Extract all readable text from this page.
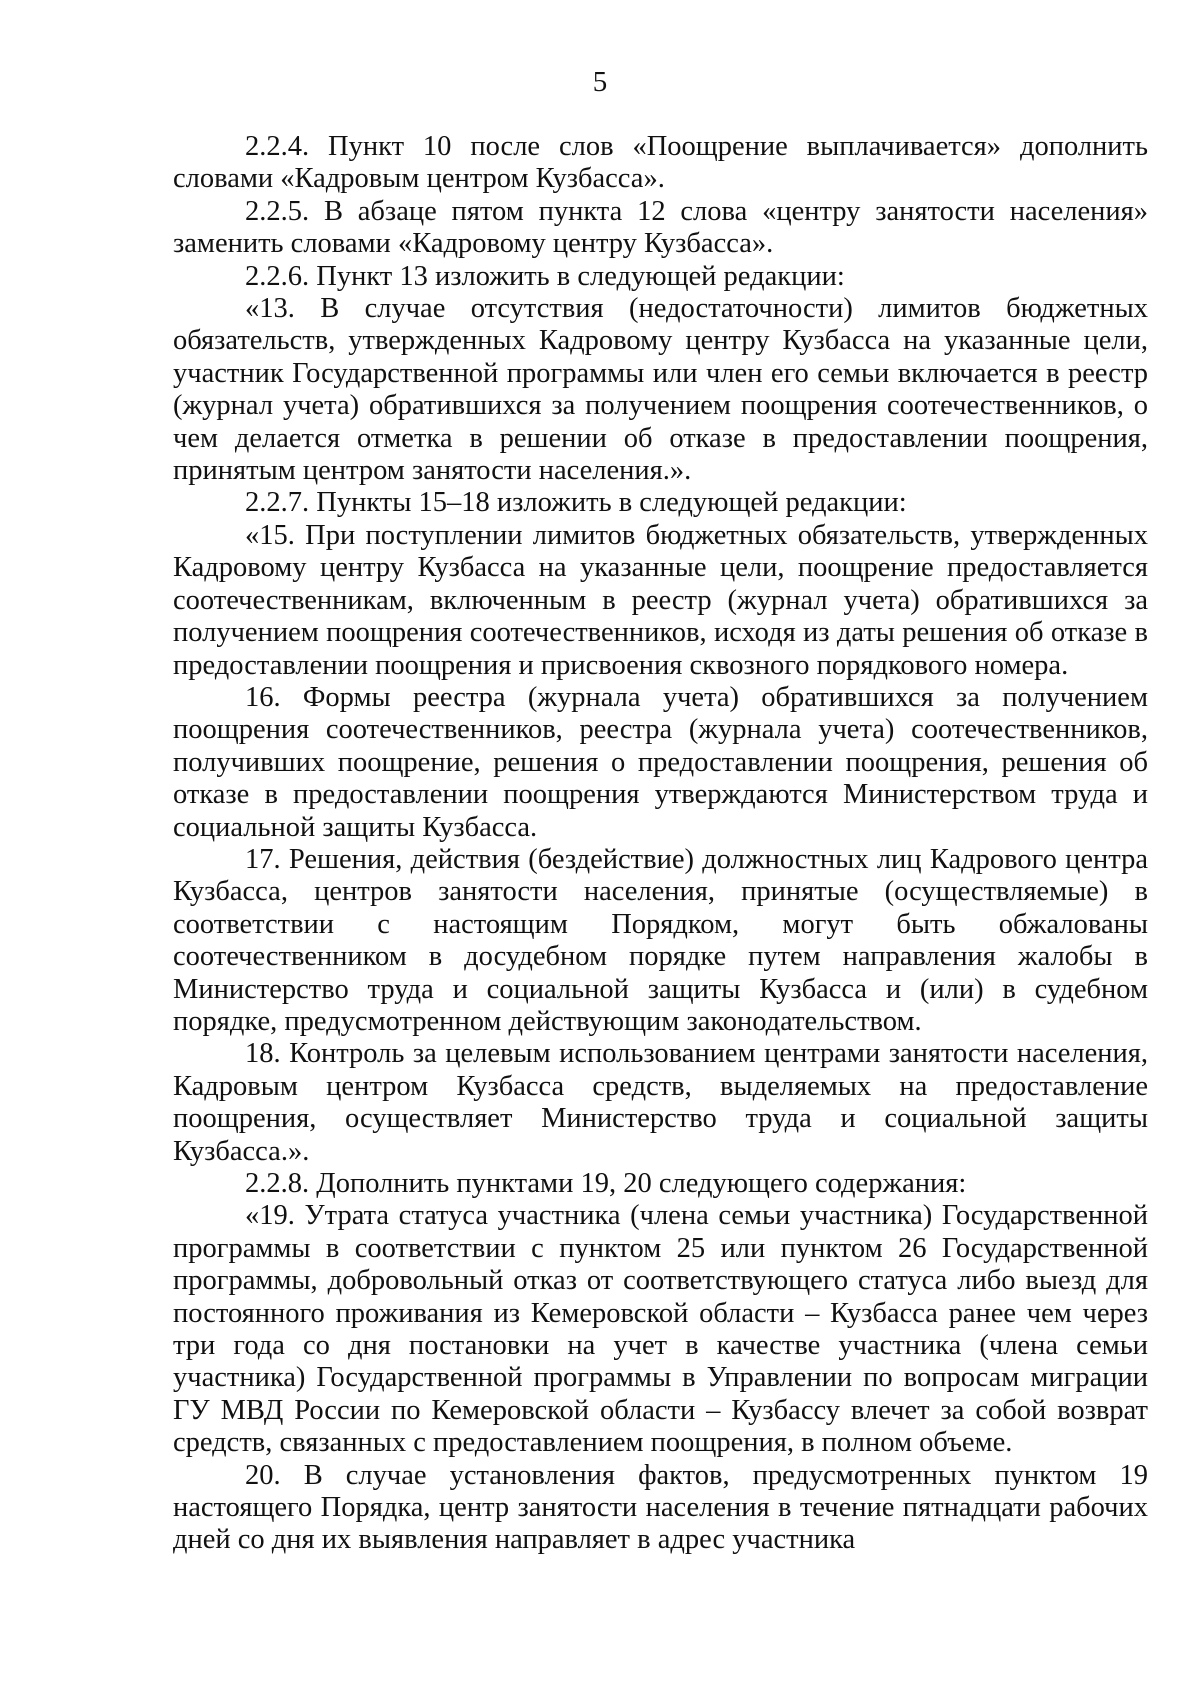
5

2.2.4. Пункт 10 после слов «Поощрение выплачивается» дополнить словами «Кадровым центром Кузбасса».

2.2.5. В абзаце пятом пункта 12 слова «центру занятости населения» заменить словами «Кадровому центру Кузбасса».

2.2.6. Пункт 13 изложить в следующей редакции:

«13. В случае отсутствия (недостаточности) лимитов бюджетных обязательств, утвержденных Кадровому центру Кузбасса на указанные цели, участник Государственной программы или член его семьи включается в реестр (журнал учета) обратившихся за получением поощрения соотечественников, о чем делается отметка в решении об отказе в предоставлении поощрения, принятым центром занятости населения.».

2.2.7. Пункты 15–18 изложить в следующей редакции:

«15. При поступлении лимитов бюджетных обязательств, утвержденных Кадровому центру Кузбасса на указанные цели, поощрение предоставляется соотечественникам, включенным в реестр (журнал учета) обратившихся за получением поощрения соотечественников, исходя из даты решения об отказе в предоставлении поощрения и присвоения сквозного порядкового номера.

16. Формы реестра (журнала учета) обратившихся за получением поощрения соотечественников, реестра (журнала учета) соотечественников, получивших поощрение, решения о предоставлении поощрения, решения об отказе в предоставлении поощрения утверждаются Министерством труда и социальной защиты Кузбасса.

17. Решения, действия (бездействие) должностных лиц Кадрового центра Кузбасса, центров занятости населения, принятые (осуществляемые) в соответствии с настоящим Порядком, могут быть обжалованы соотечественником в досудебном порядке путем направления жалобы в Министерство труда и социальной защиты Кузбасса и (или) в судебном порядке, предусмотренном действующим законодательством.

18. Контроль за целевым использованием центрами занятости населения, Кадровым центром Кузбасса средств, выделяемых на предоставление поощрения, осуществляет Министерство труда и социальной защиты Кузбасса.».

2.2.8. Дополнить пунктами 19, 20 следующего содержания:

«19. Утрата статуса участника (члена семьи участника) Государственной программы в соответствии с пунктом 25 или пунктом 26 Государственной программы, добровольный отказ от соответствующего статуса либо выезд для постоянного проживания из Кемеровской области – Кузбасса ранее чем через три года со дня постановки на учет в качестве участника (члена семьи участника) Государственной программы в Управлении по вопросам миграции ГУ МВД России по Кемеровской области – Кузбассу влечет за собой возврат средств, связанных с предоставлением поощрения, в полном объеме.

20. В случае установления фактов, предусмотренных пунктом 19 настоящего Порядка, центр занятости населения в течение пятнадцати рабочих дней со дня их выявления направляет в адрес участника
